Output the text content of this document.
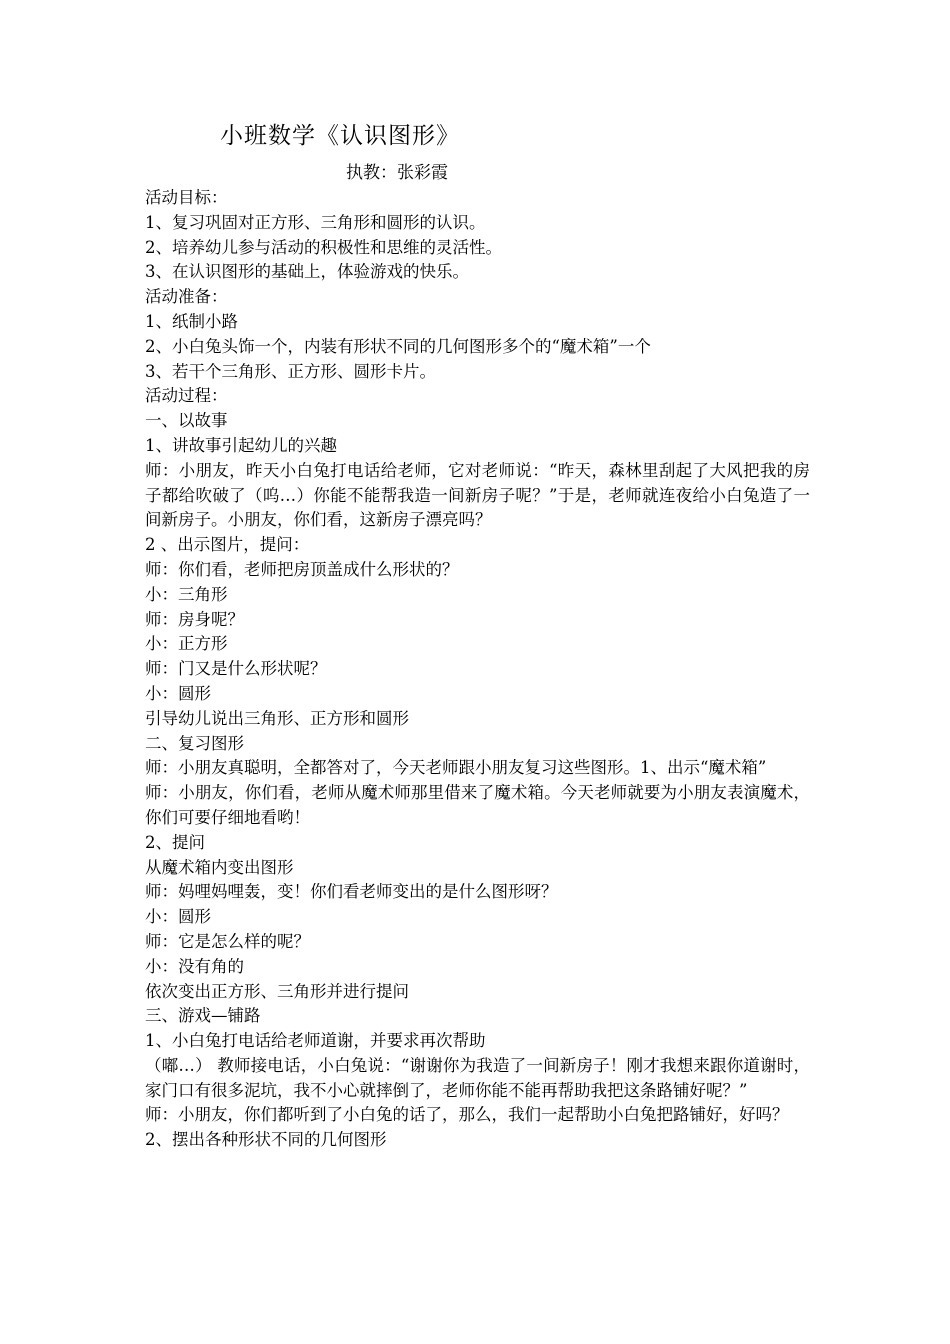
小班数学《认识图形》
执教：张彩霞
活动目标：
1、复习巩固对正方形、三角形和圆形的认识。
2、培养幼儿参与活动的积极性和思维的灵活性。
3、在认识图形的基础上，体验游戏的快乐。
活动准备：
1、纸制小路
2、小白兔头饰一个，内装有形状不同的几何图形多个的“魔术箱”一个
3、若干个三角形、正方形、圆形卡片。
活动过程：
一、以故事
1、讲故事引起幼儿的兴趣
师：小朋友，昨天小白兔打电话给老师，它对老师说：“昨天，森林里刮起了大风把我的房子都给吹破了（呜…）你能不能帮我造一间新房子呢？”于是，老师就连夜给小白兔造了一间新房子。小朋友，你们看，这新房子漂亮吗？
2 、出示图片，提问：
师：你们看，老师把房顶盖成什么形状的？
小：三角形
师：房身呢？
小：正方形
师：门又是什么形状呢？
小：圆形
引导幼儿说出三角形、正方形和圆形
二、复习图形
师：小朋友真聪明，全都答对了，今天老师跟小朋友复习这些图形。1、出示“魔术箱”
师：小朋友，你们看，老师从魔术师那里借来了魔术箱。今天老师就要为小朋友表演魔术，你们可要仔细地看哟！
2、提问
从魔术箱内变出图形
师：妈哩妈哩轰，变！你们看老师变出的是什么图形呀？
小：圆形
师：它是怎么样的呢？
小：没有角的
依次变出正方形、三角形并进行提问
三、游戏—铺路
1、小白兔打电话给老师道谢，并要求再次帮助
（嘟…） 教师接电话，小白兔说：“谢谢你为我造了一间新房子！刚才我想来跟你道谢时，家门口有很多泥坑，我不小心就摔倒了，老师你能不能再帮助我把这条路铺好呢？”
师：小朋友，你们都听到了小白兔的话了，那么，我们一起帮助小白兔把路铺好，好吗？
2、摆出各种形状不同的几何图形
